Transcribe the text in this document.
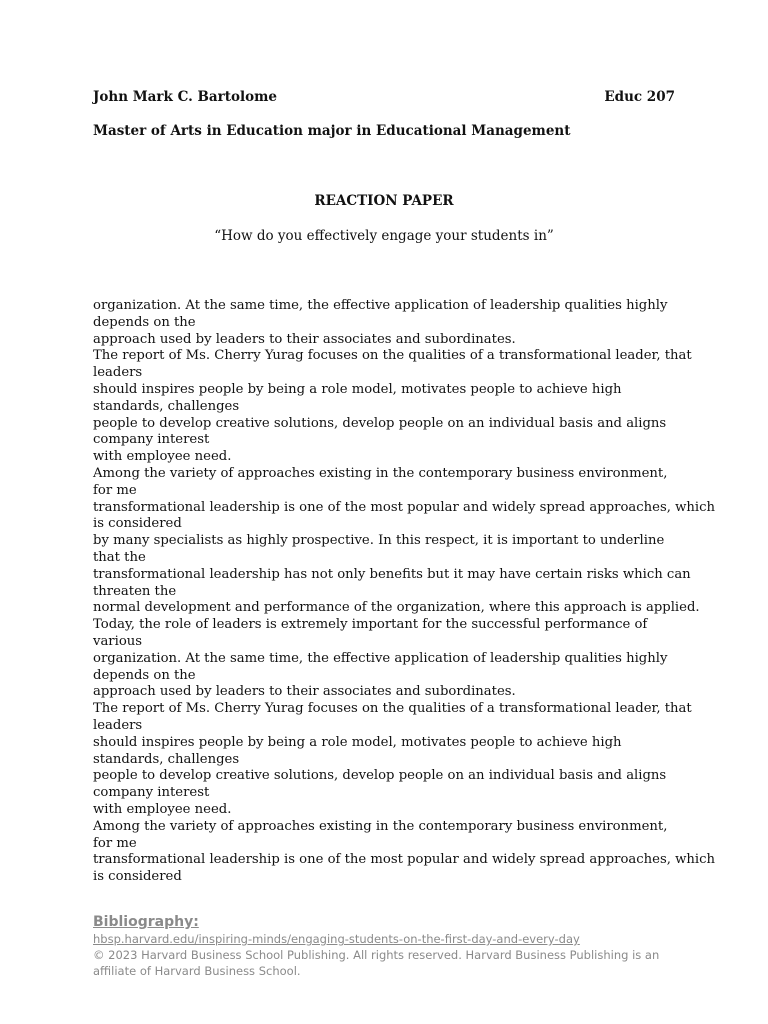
John Mark C. Bartolome	Educ 207
Master of Arts in Education major in Educational Management
REACTION PAPER
“How do you effectively engage your students in”
organization. At the same time, the effective application of leadership qualities highly
depends on the
approach used by leaders to their associates and subordinates.
The report of Ms. Cherry Yurag focuses on the qualities of a transformational leader, that
leaders
should inspires people by being a role model, motivates people to achieve high
standards, challenges
people to develop creative solutions, develop people on an individual basis and aligns
company interest
with employee need.
Among the variety of approaches existing in the contemporary business environment,
for me
transformational leadership is one of the most popular and widely spread approaches, which
is considered
by many specialists as highly prospective. In this respect, it is important to underline
that the
transformational leadership has not only benefits but it may have certain risks which can
threaten the
normal development and performance of the organization, where this approach is applied.
Today, the role of leaders is extremely important for the successful performance of
various
organization. At the same time, the effective application of leadership qualities highly
depends on the
approach used by leaders to their associates and subordinates.
The report of Ms. Cherry Yurag focuses on the qualities of a transformational leader, that
leaders
should inspires people by being a role model, motivates people to achieve high
standards, challenges
people to develop creative solutions, develop people on an individual basis and aligns
company interest
with employee need.
Among the variety of approaches existing in the contemporary business environment,
for me
transformational leadership is one of the most popular and widely spread approaches, which
is considered
Bibliography:
hbsp.harvard.edu/inspiring-minds/engaging-students-on-the-first-day-and-every-day
© 2023 Harvard Business School Publishing. All rights reserved. Harvard Business Publishing is an affiliate of Harvard Business School.
